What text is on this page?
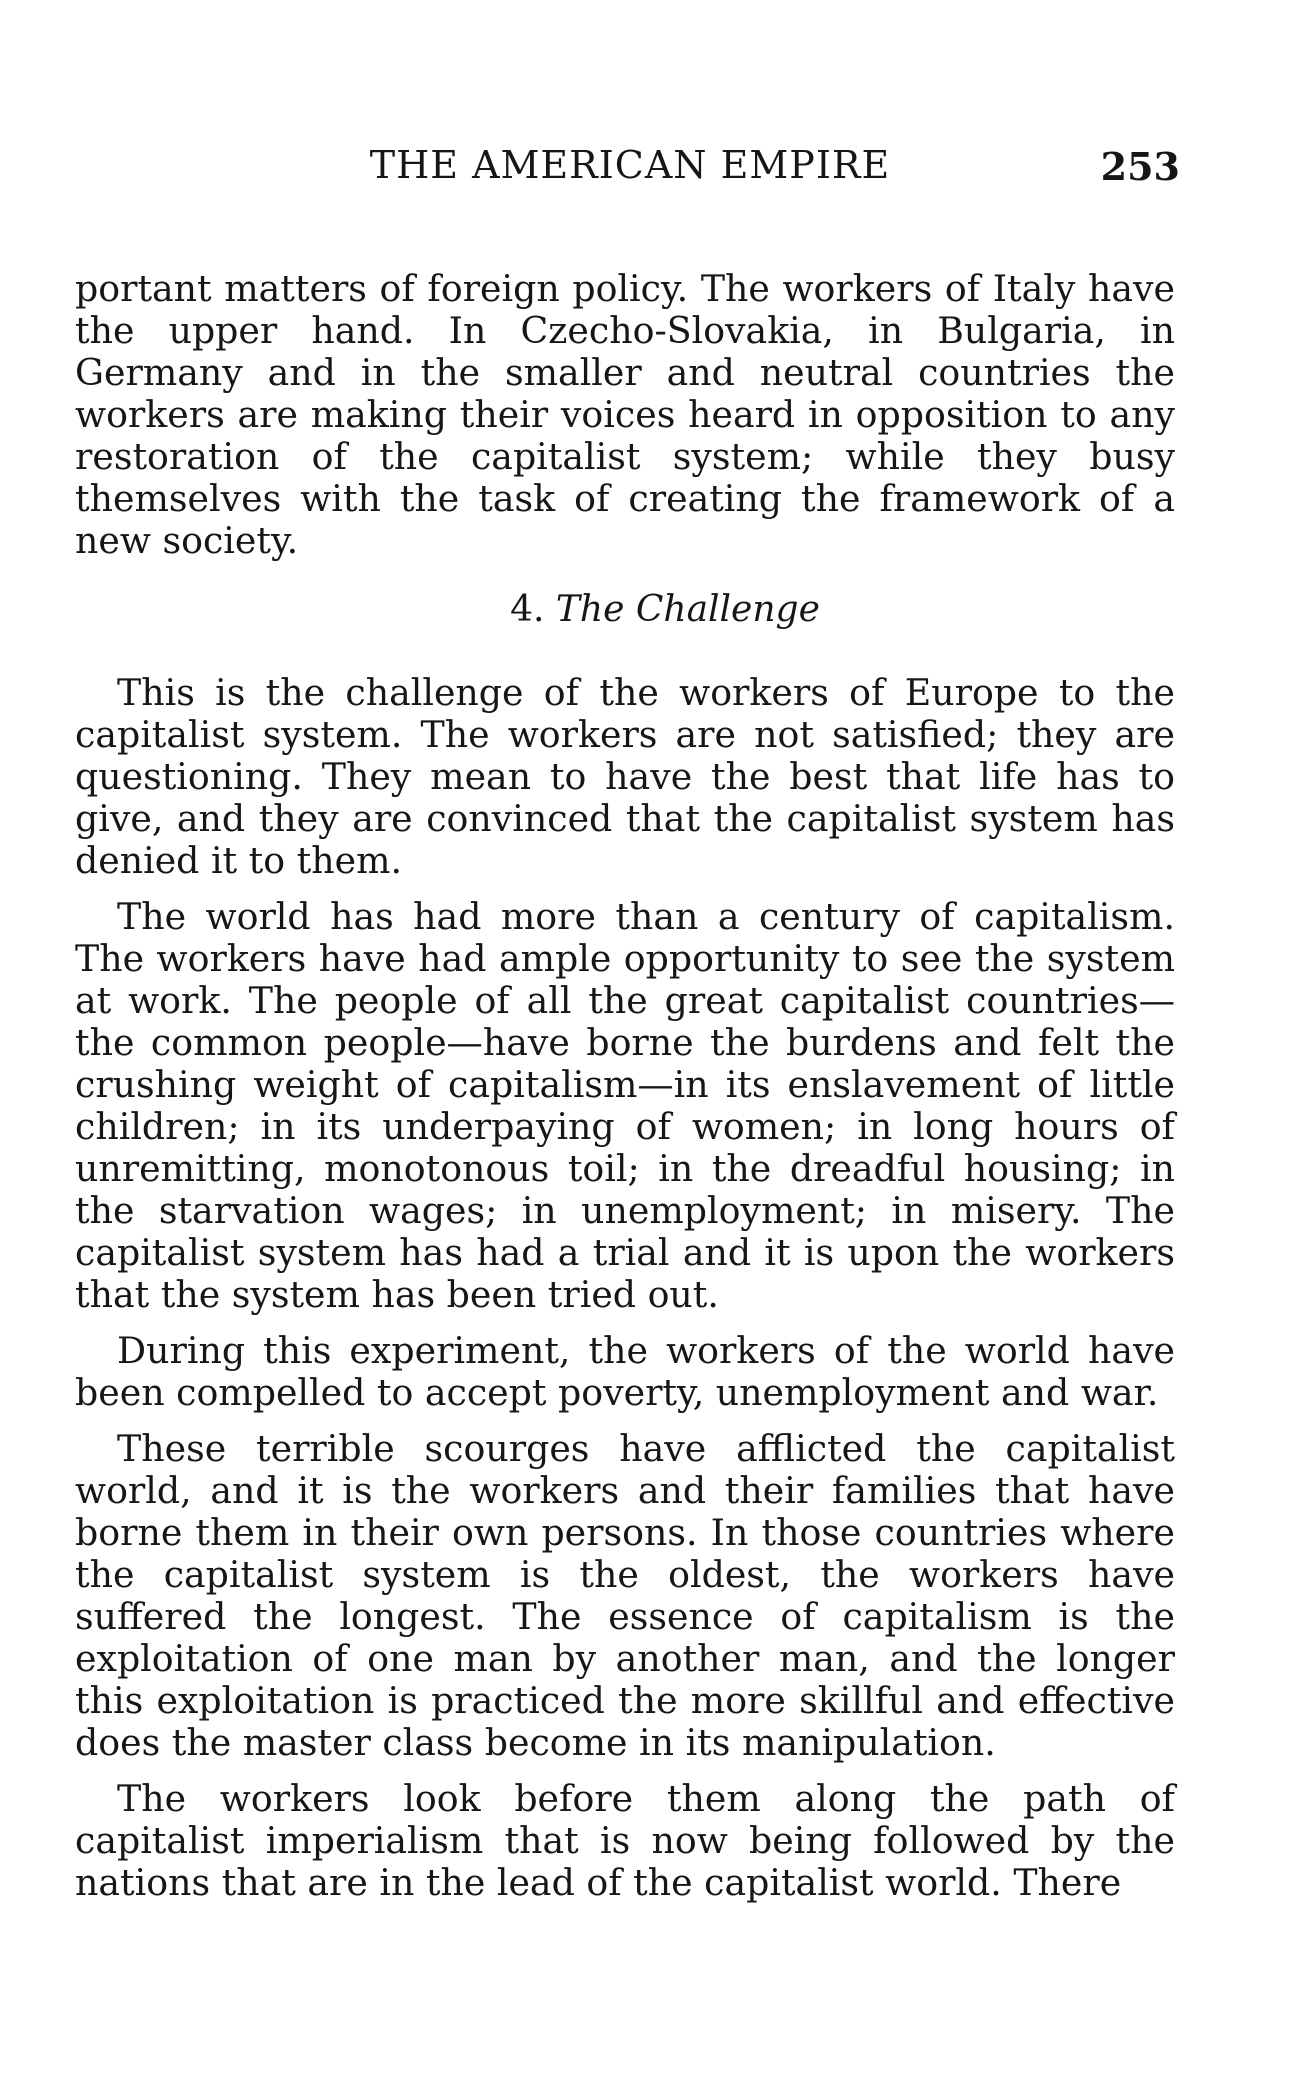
THE AMERICAN EMPIRE	253

portant matters of foreign policy. The workers of Italy have the upper hand. In Czecho-Slovakia, in Bulgaria, in Germany and in the smaller and neutral countries the workers are making their voices heard in opposition to any restoration of the capitalist system; while they busy themselves with the task of creating the framework of a new society.

4. The Challenge

This is the challenge of the workers of Europe to the capitalist system. The workers are not satisfied; they are questioning. They mean to have the best that life has to give, and they are convinced that the capitalist system has denied it to them.

The world has had more than a century of capitalism. The workers have had ample opportunity to see the system at work. The people of all the great capitalist countries—the common people—have borne the burdens and felt the crushing weight of capitalism—in its enslavement of little children; in its underpaying of women; in long hours of unremitting, monotonous toil; in the dreadful housing; in the starvation wages; in unemployment; in misery. The capitalist system has had a trial and it is upon the workers that the system has been tried out.

During this experiment, the workers of the world have been compelled to accept poverty, unemployment and war.

These terrible scourges have afflicted the capitalist world, and it is the workers and their families that have borne them in their own persons. In those countries where the capitalist system is the oldest, the workers have suffered the longest. The essence of capitalism is the exploitation of one man by another man, and the longer this exploitation is practiced the more skillful and effective does the master class become in its manipulation.

The workers look before them along the path of capitalist imperialism that is now being followed by the nations that are in the lead of the capitalist world. There
